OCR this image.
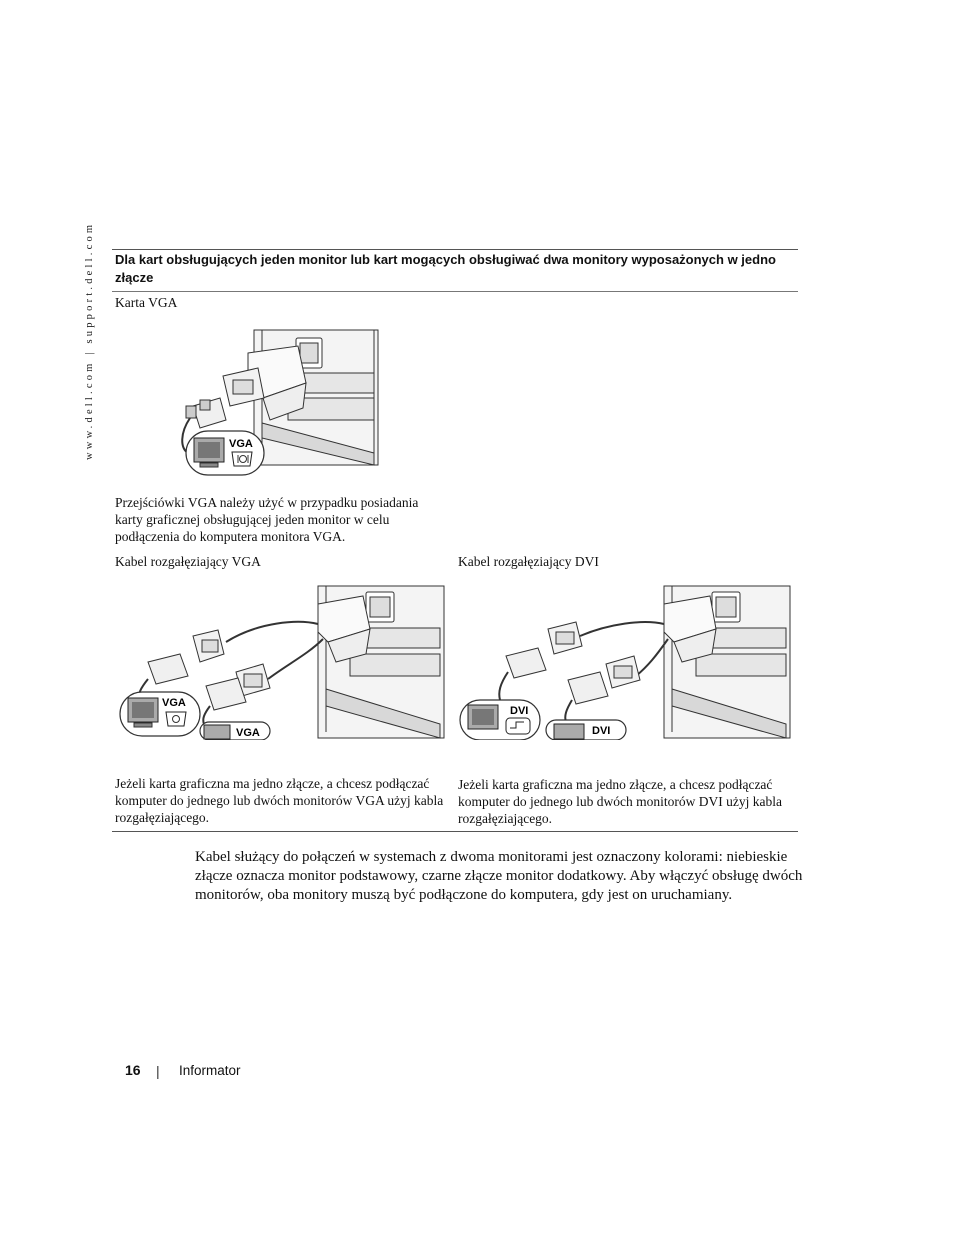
www.dell.com | support.dell.com	Dla kart obsługujących jeden monitor lub kart mogących obsługiwać dwa monitory wyposażonych w jedno złącze
Karta VGA
VGA
Przejściówki VGA należy użyć w przypadku posiadania karty graficznej obsługującej jeden monitor w celu podłączenia do komputera monitora VGA.
Kabel rozgałęziający VGA	Kabel rozgałęziający DVI
VGA
VGA
DVI
DVI
Jeżeli karta graficzna ma jedno złącze, a chcesz podłączać komputer do jednego lub dwóch monitorów VGA użyj kabla rozgałęziającego.
Jeżeli karta graficzna ma jedno złącze, a chcesz podłączać komputer do jednego lub dwóch monitorów DVI użyj kabla rozgałęziającego.
Kabel służący do połączeń w systemach z dwoma monitorami jest oznaczony kolorami: niebieskie złącze oznacza monitor podstawowy, czarne złącze monitor dodatkowy. Aby włączyć obsługę dwóch monitorów, oba monitory muszą być podłączone do komputera, gdy jest on uruchamiany.
16 | Informator
